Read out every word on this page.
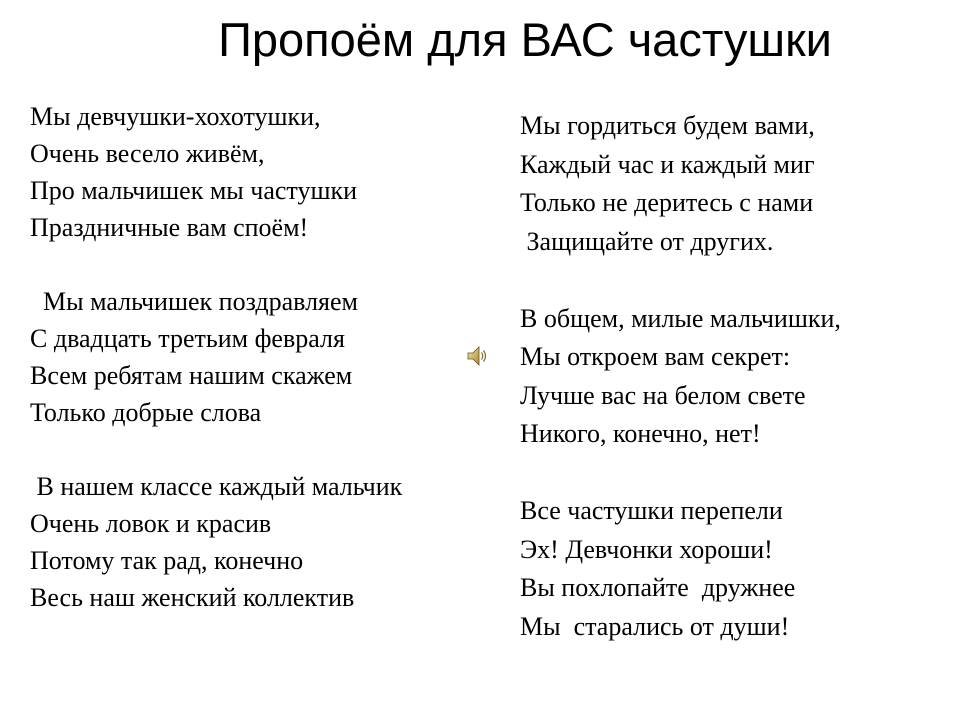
Пропоём для ВАС частушки
Мы девчушки-хохотушки,
Очень весело живём,
Про мальчишек мы частушки
Праздничные вам споём!
Мы мальчишек поздравляем
С двадцать третьим февраля
Всем ребятам нашим скажем
Только добрые слова
В нашем классе каждый мальчик
Очень ловок и красив
Потому так рад, конечно
Весь наш женский коллектив
Мы гордиться будем вами,
Каждый час и каждый миг
Только не деритесь с нами
Защищайте от других.
В общем, милые мальчишки,
Мы откроем вам секрет:
Лучше вас на белом свете
Никого, конечно, нет!
Все частушки перепели
Эх! Девчонки хороши!
Вы похлопайте  дружнее
Мы  старались от души!
